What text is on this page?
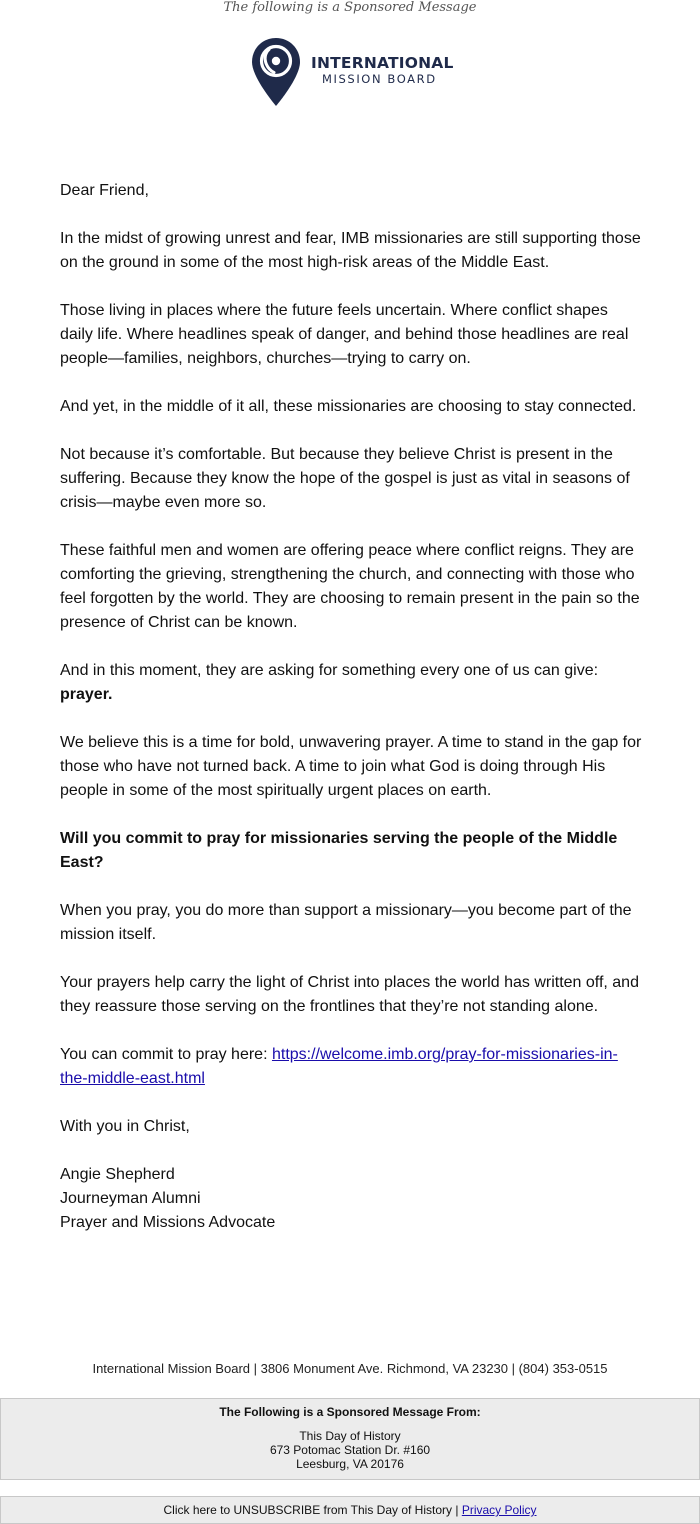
The following is a Sponsored Message
INTERNATIONAL
MISSION BOARD

Dear Friend,

In the midst of growing unrest and fear, IMB missionaries are still supporting those on the ground in some of the most high-risk areas of the Middle East.

Those living in places where the future feels uncertain. Where conflict shapes daily life. Where headlines speak of danger, and behind those headlines are real people—families, neighbors, churches—trying to carry on.

And yet, in the middle of it all, these missionaries are choosing to stay connected.

Not because it’s comfortable. But because they believe Christ is present in the suffering. Because they know the hope of the gospel is just as vital in seasons of crisis—maybe even more so.

These faithful men and women are offering peace where conflict reigns. They are comforting the grieving, strengthening the church, and connecting with those who feel forgotten by the world. They are choosing to remain present in the pain so the presence of Christ can be known.

And in this moment, they are asking for something every one of us can give:
prayer.

We believe this is a time for bold, unwavering prayer. A time to stand in the gap for those who have not turned back. A time to join what God is doing through His people in some of the most spiritually urgent places on earth.

Will you commit to pray for missionaries serving the people of the Middle East?

When you pray, you do more than support a missionary—you become part of the mission itself.

Your prayers help carry the light of Christ into places the world has written off, and they reassure those serving on the frontlines that they’re not standing alone.

You can commit to pray here: https://welcome.imb.org/pray-for-missionaries-in-the-middle-east.html

With you in Christ,

Angie Shepherd

Journeyman Alumni

Prayer and Missions Advocate

International Mission Board | 3806 Monument Ave. Richmond, VA 23230 | (804) 353-0515
The Following is a Sponsored Message From:
This Day of History
673 Potomac Station Dr. #160
Leesburg, VA 20176
Click here to UNSUBSCRIBE from This Day of History | Privacy Policy
